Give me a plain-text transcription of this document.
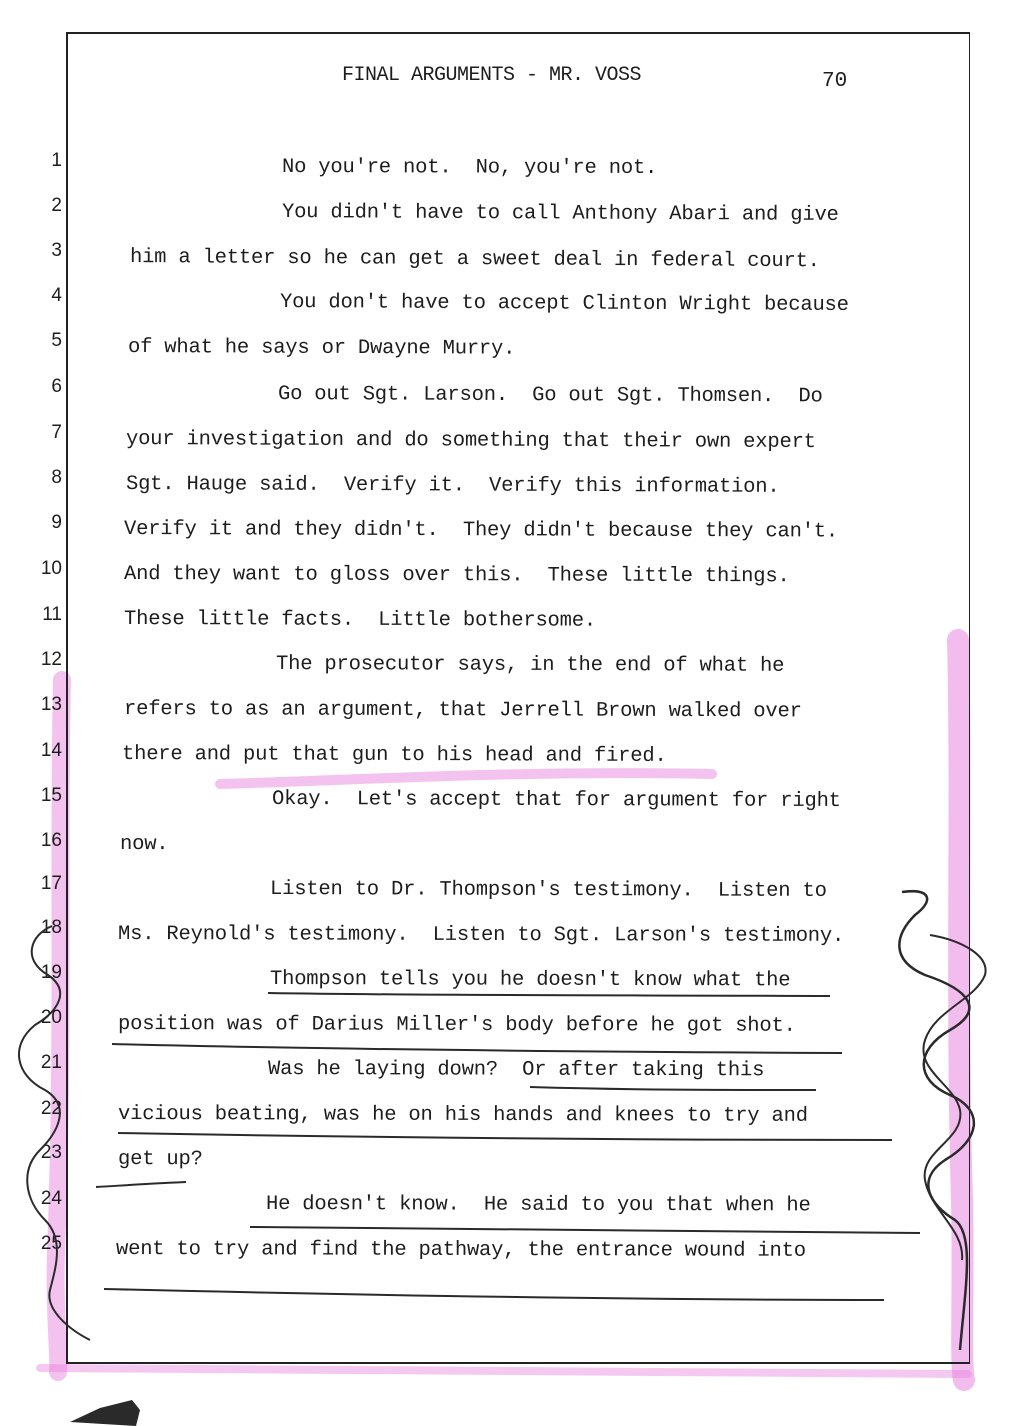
FINAL ARGUMENTS - MR. VOSS	70
1	No you're not.  No, you're not.
2	You didn't have to call Anthony Abari and give
3	him a letter so he can get a sweet deal in federal court.
4	You don't have to accept Clinton Wright because
5	of what he says or Dwayne Murry.
6	Go out Sgt. Larson.  Go out Sgt. Thomsen.  Do
7	your investigation and do something that their own expert
8	Sgt. Hauge said.  Verify it.  Verify this information.
9	Verify it and they didn't.  They didn't because they can't.
10	And they want to gloss over this.  These little things.
11	These little facts.  Little bothersome.
12	The prosecutor says, in the end of what he
13	refers to as an argument, that Jerrell Brown walked over
14	there and put that gun to his head and fired.
15	Okay.  Let's accept that for argument for right
16	now.
17	Listen to Dr. Thompson's testimony.  Listen to
18	Ms. Reynold's testimony.  Listen to Sgt. Larson's testimony.
19	Thompson tells you he doesn't know what the
20	position was of Darius Miller's body before he got shot.
21	Was he laying down?  Or after taking this
22	vicious beating, was he on his hands and knees to try and
23	get up?
24	He doesn't know.  He said to you that when he
25	went to try and find the pathway, the entrance wound into
